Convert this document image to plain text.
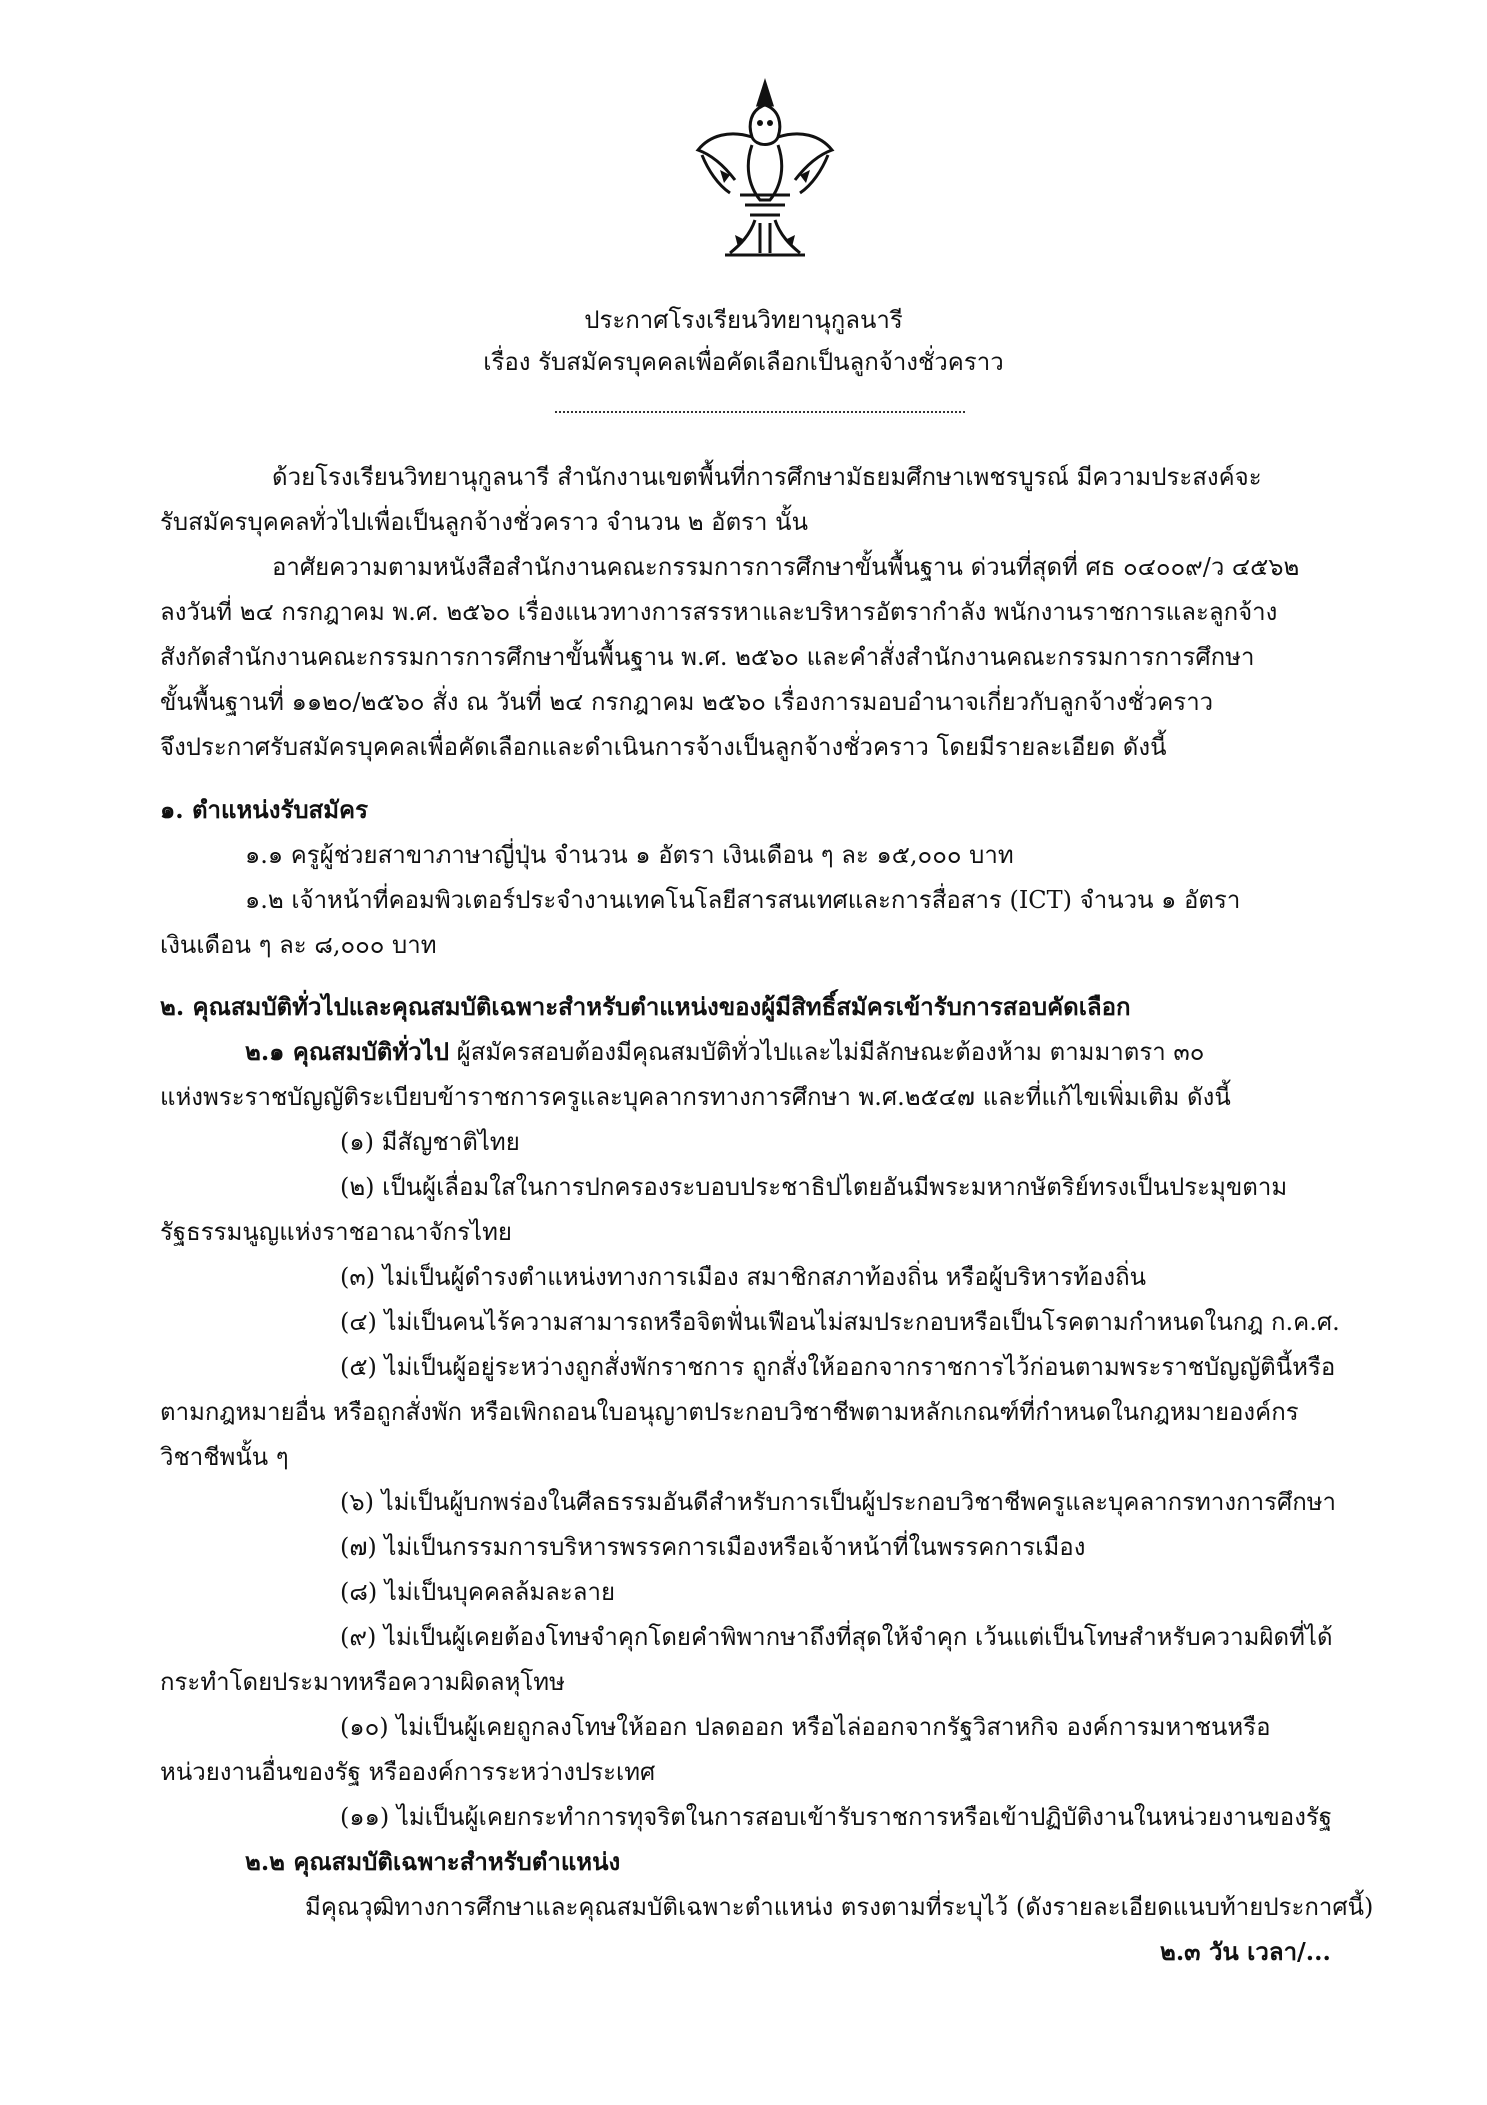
ประกาศโรงเรียนวิทยานุกูลนารี
เรื่อง รับสมัครบุคคลเพื่อคัดเลือกเป็นลูกจ้างชั่วคราว
ด้วยโรงเรียนวิทยานุกูลนารี สำนักงานเขตพื้นที่การศึกษามัธยมศึกษาเพชรบูรณ์ มีความประสงค์จะ
รับสมัครบุคคลทั่วไปเพื่อเป็นลูกจ้างชั่วคราว จำนวน ๒ อัตรา นั้น
อาศัยความตามหนังสือสำนักงานคณะกรรมการการศึกษาขั้นพื้นฐาน ด่วนที่สุดที่ ศธ ๐๔๐๐๙/ว ๔๕๖๒
ลงวันที่ ๒๔ กรกฎาคม พ.ศ. ๒๕๖๐ เรื่องแนวทางการสรรหาและบริหารอัตรากำลัง พนักงานราชการและลูกจ้าง
สังกัดสำนักงานคณะกรรมการการศึกษาขั้นพื้นฐาน พ.ศ. ๒๕๖๐ และคำสั่งสำนักงานคณะกรรมการการศึกษา
ขั้นพื้นฐานที่ ๑๑๒๐/๒๕๖๐ สั่ง ณ วันที่ ๒๔ กรกฎาคม ๒๕๖๐ เรื่องการมอบอำนาจเกี่ยวกับลูกจ้างชั่วคราว
จึงประกาศรับสมัครบุคคลเพื่อคัดเลือกและดำเนินการจ้างเป็นลูกจ้างชั่วคราว โดยมีรายละเอียด ดังนี้
๑. ตำแหน่งรับสมัคร
๑.๑ ครูผู้ช่วยสาขาภาษาญี่ปุ่น จำนวน ๑ อัตรา เงินเดือน ๆ ละ ๑๕,๐๐๐ บาท
๑.๒ เจ้าหน้าที่คอมพิวเตอร์ประจำงานเทคโนโลยีสารสนเทศและการสื่อสาร (ICT) จำนวน ๑ อัตรา
เงินเดือน ๆ ละ ๘,๐๐๐ บาท
๒. คุณสมบัติทั่วไปและคุณสมบัติเฉพาะสำหรับตำแหน่งของผู้มีสิทธิ์สมัครเข้ารับการสอบคัดเลือก
๒.๑ คุณสมบัติทั่วไป ผู้สมัครสอบต้องมีคุณสมบัติทั่วไปและไม่มีลักษณะต้องห้าม ตามมาตรา ๓๐
แห่งพระราชบัญญัติระเบียบข้าราชการครูและบุคลากรทางการศึกษา พ.ศ.๒๕๔๗ และที่แก้ไขเพิ่มเติม ดังนี้
(๑) มีสัญชาติไทย
(๒) เป็นผู้เลื่อมใสในการปกครองระบอบประชาธิปไตยอันมีพระมหากษัตริย์ทรงเป็นประมุขตาม
รัฐธรรมนูญแห่งราชอาณาจักรไทย
(๓) ไม่เป็นผู้ดำรงตำแหน่งทางการเมือง สมาชิกสภาท้องถิ่น หรือผู้บริหารท้องถิ่น
(๔) ไม่เป็นคนไร้ความสามารถหรือจิตฟั่นเฟือนไม่สมประกอบหรือเป็นโรคตามกำหนดในกฎ ก.ค.ศ.
(๕) ไม่เป็นผู้อยู่ระหว่างถูกสั่งพักราชการ ถูกสั่งให้ออกจากราชการไว้ก่อนตามพระราชบัญญัตินี้หรือ
ตามกฎหมายอื่น หรือถูกสั่งพัก หรือเพิกถอนใบอนุญาตประกอบวิชาชีพตามหลักเกณฑ์ที่กำหนดในกฎหมายองค์กร
วิชาชีพนั้น ๆ
(๖) ไม่เป็นผู้บกพร่องในศีลธรรมอันดีสำหรับการเป็นผู้ประกอบวิชาชีพครูและบุคลากรทางการศึกษา
(๗) ไม่เป็นกรรมการบริหารพรรคการเมืองหรือเจ้าหน้าที่ในพรรคการเมือง
(๘) ไม่เป็นบุคคลล้มละลาย
(๙) ไม่เป็นผู้เคยต้องโทษจำคุกโดยคำพิพากษาถึงที่สุดให้จำคุก เว้นแต่เป็นโทษสำหรับความผิดที่ได้
กระทำโดยประมาทหรือความผิดลหุโทษ
(๑๐) ไม่เป็นผู้เคยถูกลงโทษให้ออก ปลดออก หรือไล่ออกจากรัฐวิสาหกิจ องค์การมหาชนหรือ
หน่วยงานอื่นของรัฐ หรือองค์การระหว่างประเทศ
(๑๑) ไม่เป็นผู้เคยกระทำการทุจริตในการสอบเข้ารับราชการหรือเข้าปฏิบัติงานในหน่วยงานของรัฐ
๒.๒ คุณสมบัติเฉพาะสำหรับตำแหน่ง
มีคุณวุฒิทางการศึกษาและคุณสมบัติเฉพาะตำแหน่ง ตรงตามที่ระบุไว้ (ดังรายละเอียดแนบท้ายประกาศนี้)
๒.๓ วัน เวลา/...
